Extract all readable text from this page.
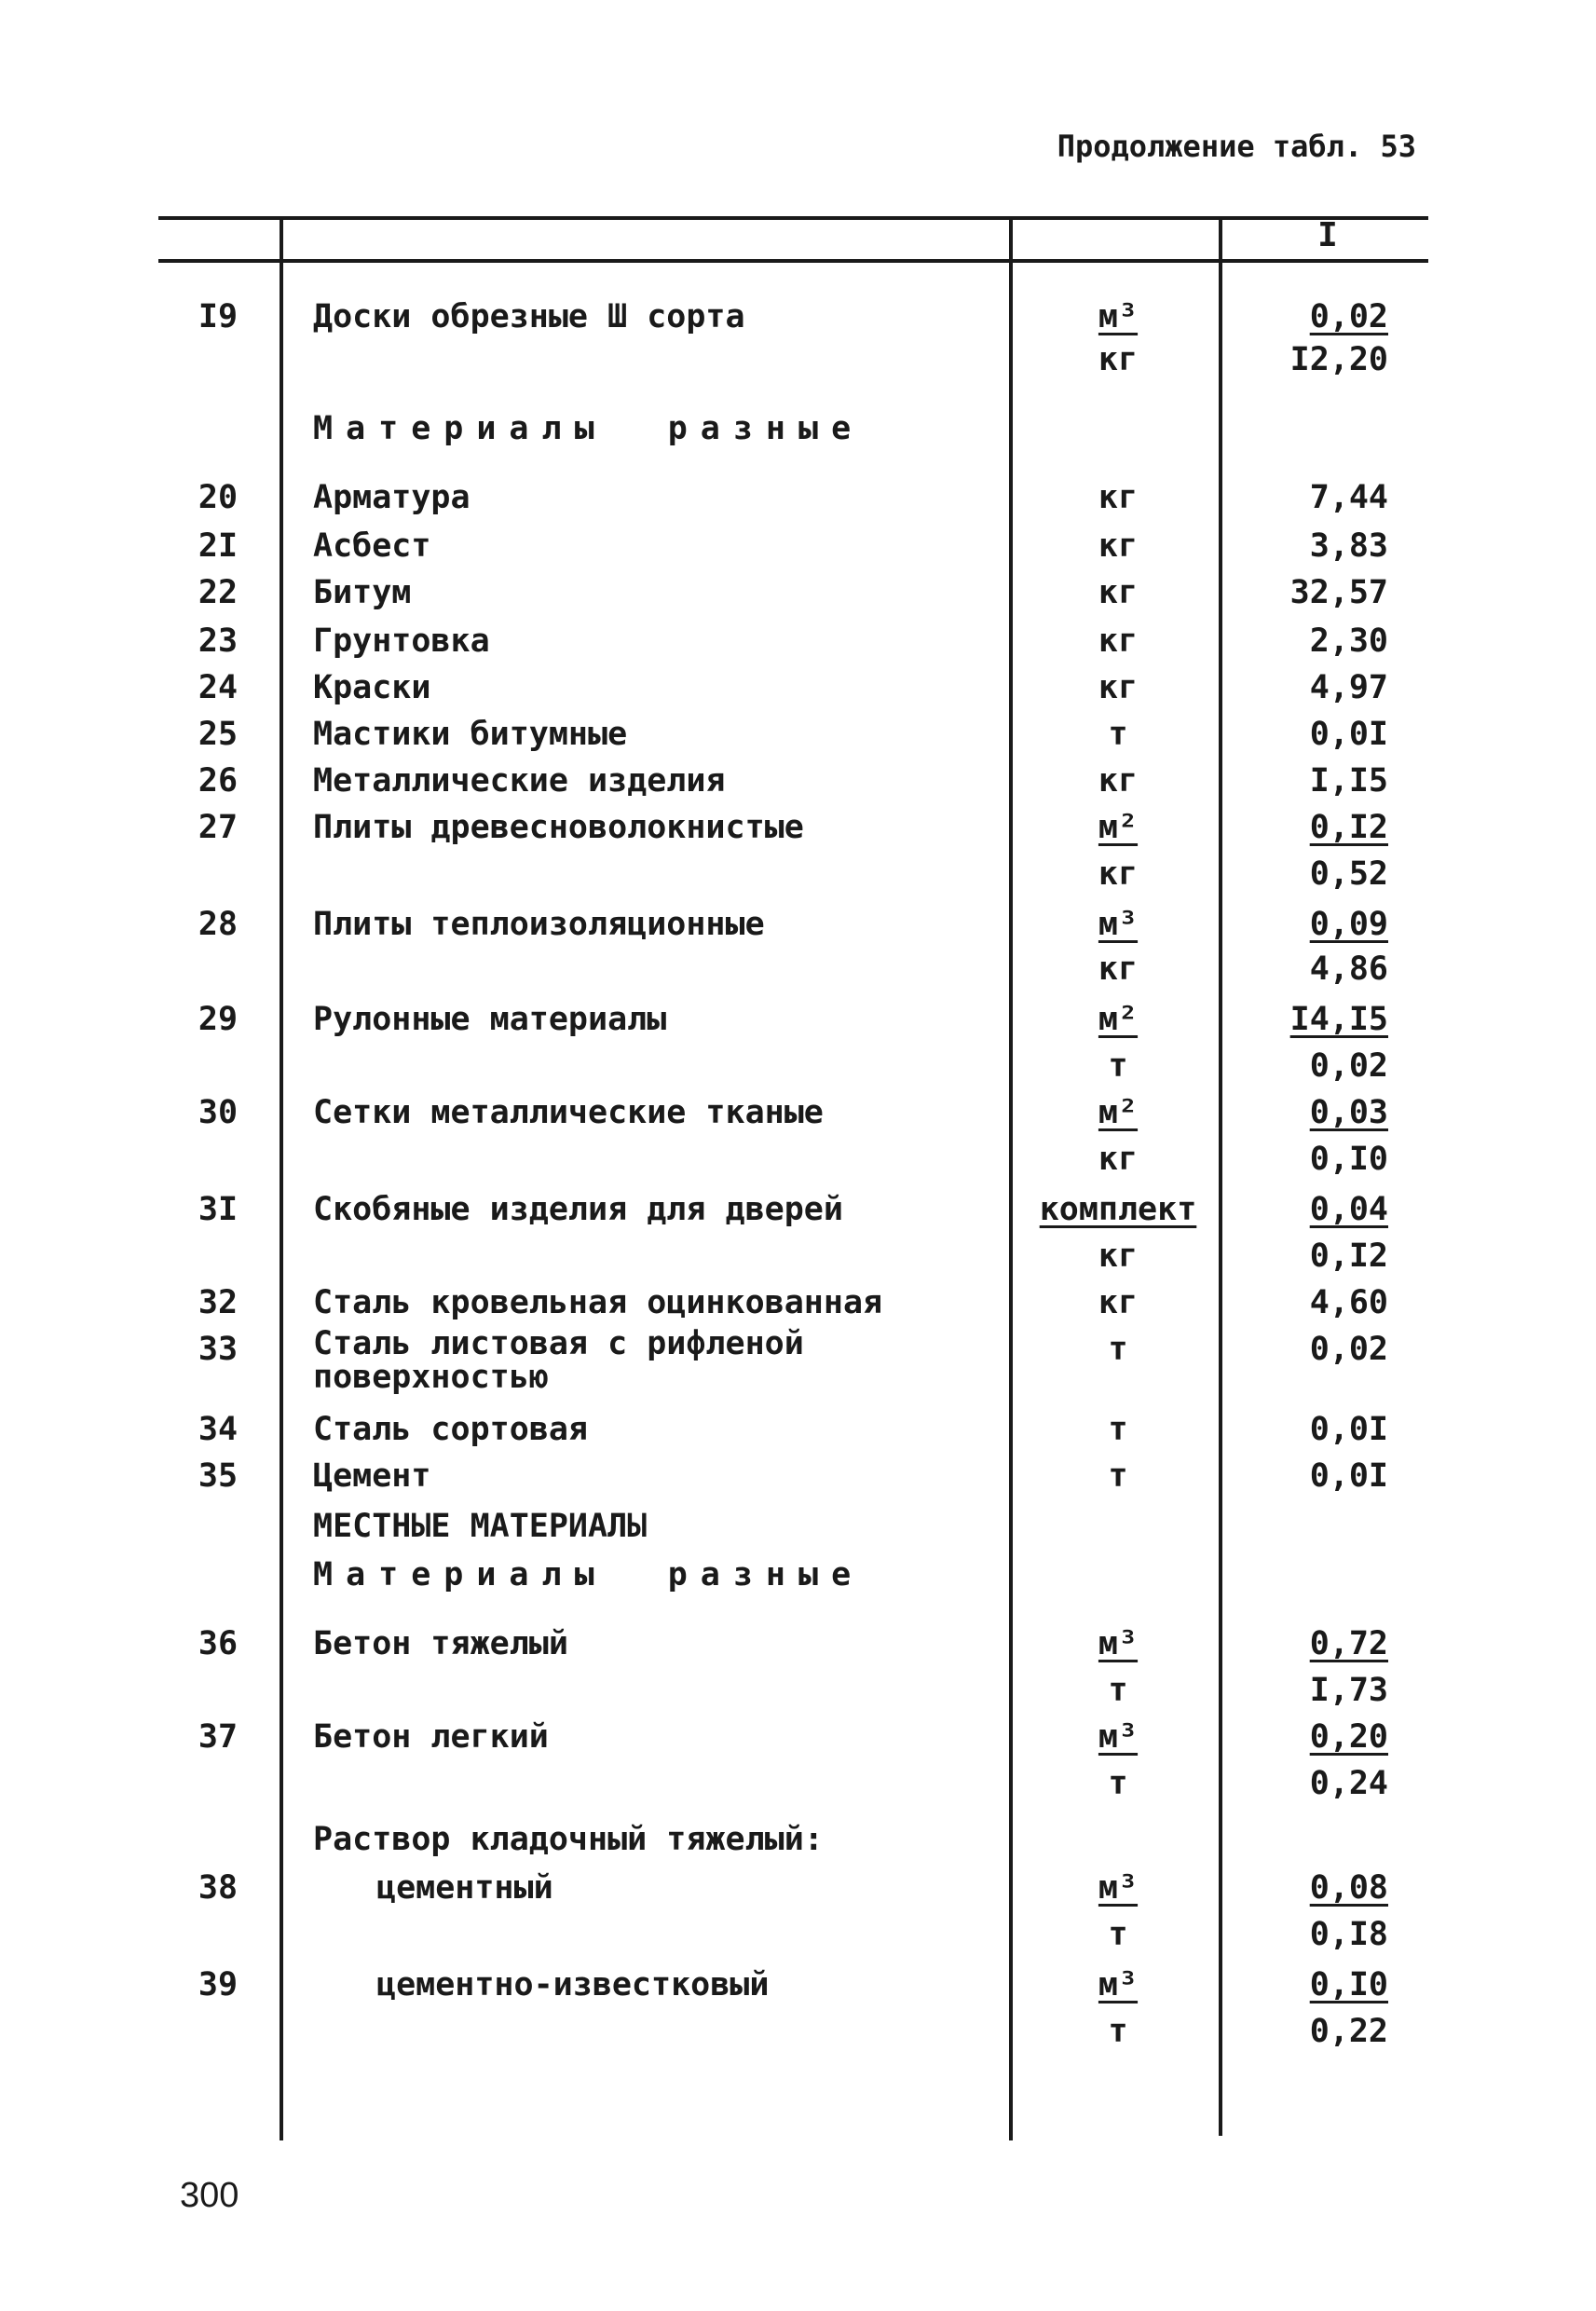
Продолжение табл. 53
I
I9	Доски обрезные Ш сорта	м³	0,02
кг	I2,20
Материалы разные
20	Арматура	кг	7,44
2I	Асбест	кг	3,83
22	Битум	кг	32,57
23	Грунтовка	кг	2,30
24	Краски	кг	4,97
25	Мастики битумные	т	0,0I
26	Металлические изделия	кг	I,I5
27	Плиты древесноволокнистые	м²	0,I2
кг	0,52
28	Плиты теплоизоляционные	м³	0,09
кг	4,86
29	Рулонные материалы	м²	I4,I5
т	0,02
30	Сетки металлические тканые	м²	0,03
кг	0,I0
3I	Скобяные изделия для дверей	комплект	0,04
кг	0,I2
32	Сталь кровельная оцинкованная	кг	4,60
33	Сталь листовая с рифленой	т	0,02
поверхностью
34	Сталь сортовая	т	0,0I
35	Цемент	т	0,0I
МЕСТНЫЕ МАТЕРИАЛЫ
Материалы разные
36	Бетон тяжелый	м³	0,72
т	I,73
37	Бетон легкий	м³	0,20
т	0,24
Раствор кладочный тяжелый:
38	цементный	м³	0,08
т	0,I8
39	цементно-известковый	м³	0,I0
т	0,22
300
